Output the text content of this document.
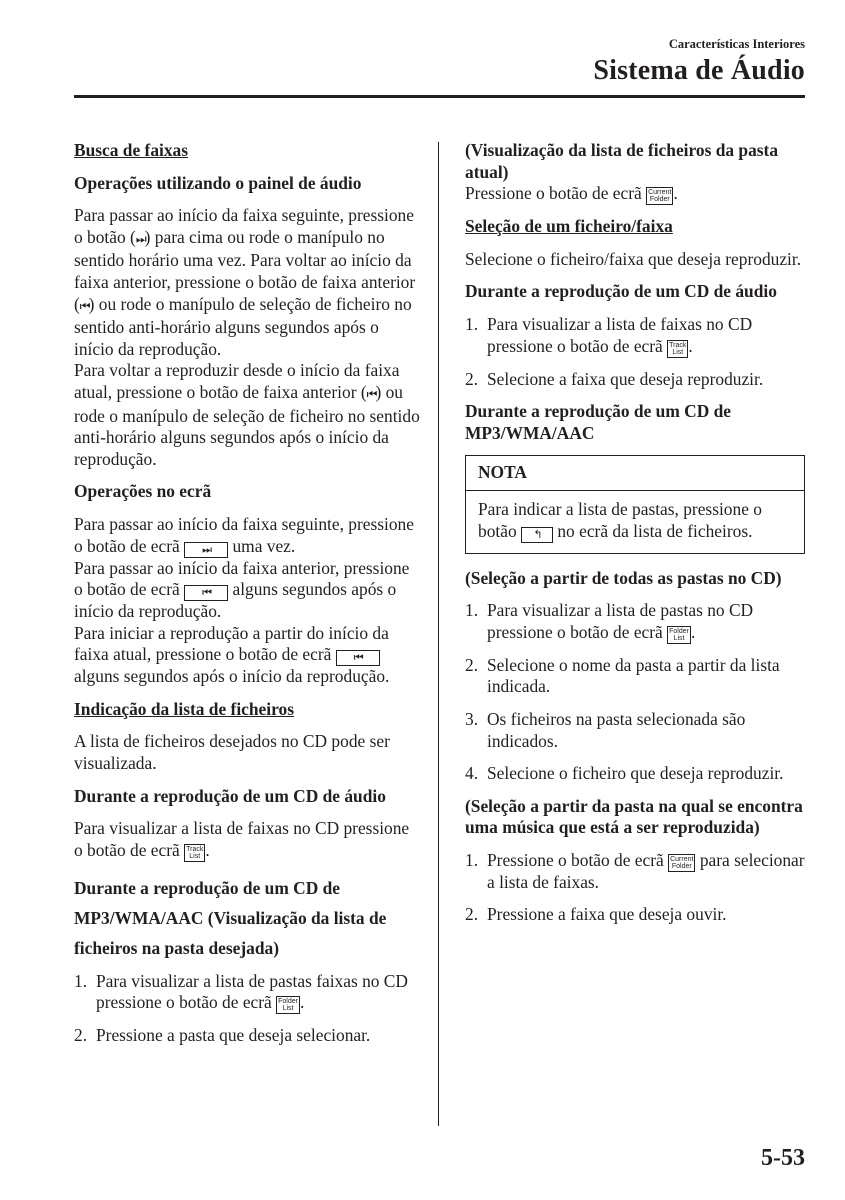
Características Interiores
Sistema de Áudio
Busca de faixas
Operações utilizando o painel de áudio
Para passar ao início da faixa seguinte, pressione o botão (⏭) para cima ou rode o manípulo no sentido horário uma vez. Para voltar ao início da faixa anterior, pressione o botão de faixa anterior (⏮) ou rode o manípulo de seleção de ficheiro no sentido anti-horário alguns segundos após o início da reprodução.
Para voltar a reproduzir desde o início da faixa atual, pressione o botão de faixa anterior (⏮) ou rode o manípulo de seleção de ficheiro no sentido anti-horário alguns segundos após o início da reprodução.
Operações no ecrã
Para passar ao início da faixa seguinte, pressione o botão de ecrã ⏭ uma vez.
Para passar ao início da faixa anterior, pressione o botão de ecrã ⏮ alguns segundos após o início da reprodução.
Para iniciar a reprodução a partir do início da faixa atual, pressione o botão de ecrã ⏮ alguns segundos após o início da reprodução.
Indicação da lista de ficheiros
A lista de ficheiros desejados no CD pode ser visualizada.
Durante a reprodução de um CD de áudio
Para visualizar a lista de faixas no CD pressione o botão de ecrã Track
List .
Durante a reprodução de um CD de MP3/WMA/AAC (Visualização da lista de ficheiros na pasta desejada)
1. Para visualizar a lista de pastas faixas no CD pressione o botão de ecrã Folder
List .
2. Pressione a pasta que deseja selecionar.
(Visualização da lista de ficheiros da pasta atual)
Pressione o botão de ecrã Current
Folder .
Seleção de um ficheiro/faixa
Selecione o ficheiro/faixa que deseja reproduzir.
Durante a reprodução de um CD de áudio
1. Para visualizar a lista de faixas no CD pressione o botão de ecrã Track
List .
2. Selecione a faixa que deseja reproduzir.
Durante a reprodução de um CD de MP3/WMA/AAC
NOTA
Para indicar a lista de pastas, pressione o botão ↰ no ecrã da lista de ficheiros.
(Seleção a partir de todas as pastas no CD)
1. Para visualizar a lista de pastas no CD pressione o botão de ecrã Folder
List .
2. Selecione o nome da pasta a partir da lista indicada.
3. Os ficheiros na pasta selecionada são indicados.
4. Selecione o ficheiro que deseja reproduzir.
(Seleção a partir da pasta na qual se encontra uma música que está a ser reproduzida)
1. Pressione o botão de ecrã Current
Folder para selecionar a lista de faixas.
2. Pressione a faixa que deseja ouvir.
5-53
